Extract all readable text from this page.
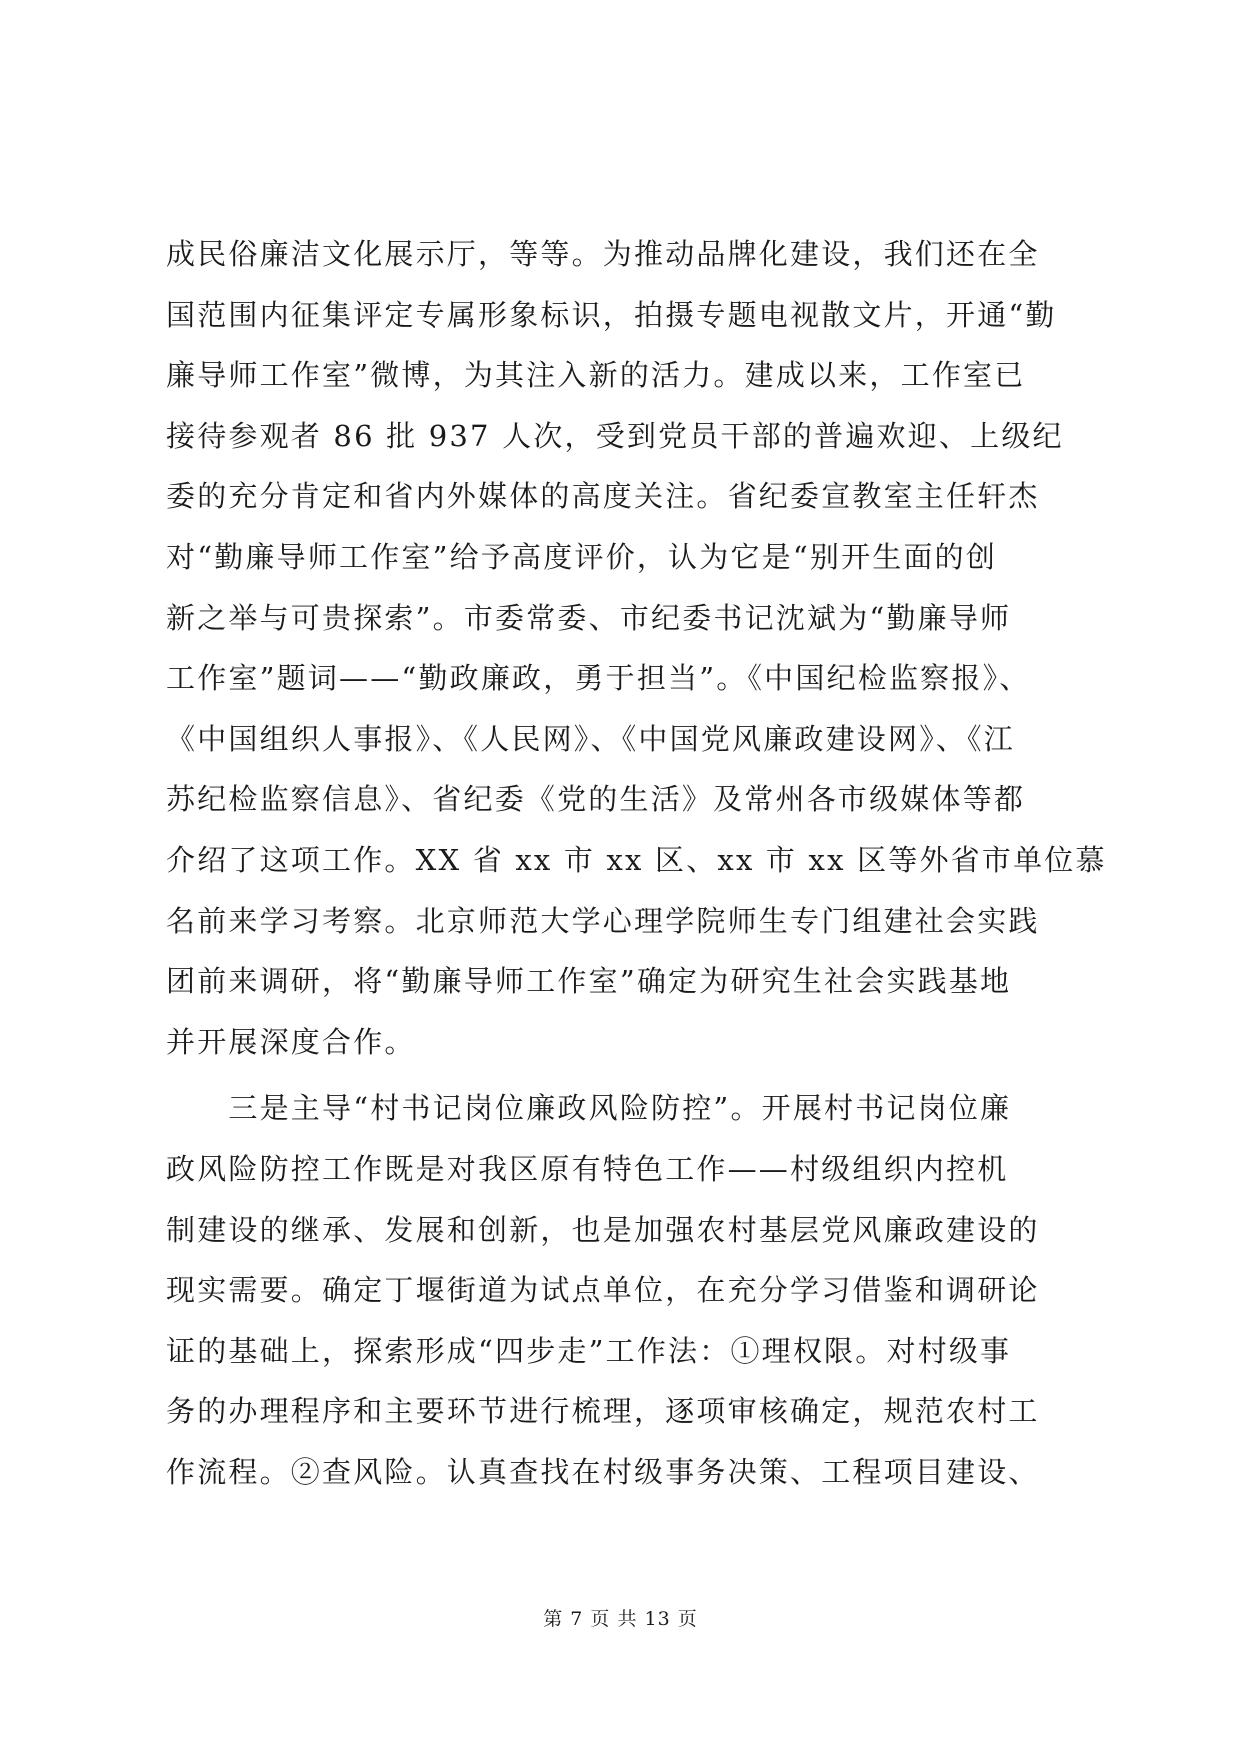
成民俗廉洁文化展示厅，等等。为推动品牌化建设，我们还在全
国范围内征集评定专属形象标识，拍摄专题电视散文片，开通“勤
廉导师工作室”微博，为其注入新的活力。建成以来，工作室已
接待参观者 86 批 937 人次，受到党员干部的普遍欢迎、上级纪
委的充分肯定和省内外媒体的高度关注。省纪委宣教室主任轩杰
对“勤廉导师工作室”给予高度评价，认为它是“别开生面的创
新之举与可贵探索”。市委常委、市纪委书记沈斌为“勤廉导师
工作室”题词——“勤政廉政，勇于担当”。《中国纪检监察报》、
《中国组织人事报》、《人民网》、《中国党风廉政建设网》、《江
苏纪检监察信息》、省纪委《党的生活》及常州各市级媒体等都
介绍了这项工作。XX 省 xx 市 xx 区、xx 市 xx 区等外省市单位慕
名前来学习考察。北京师范大学心理学院师生专门组建社会实践
团前来调研，将“勤廉导师工作室”确定为研究生社会实践基地
并开展深度合作。
　　三是主导“村书记岗位廉政风险防控”。开展村书记岗位廉
政风险防控工作既是对我区原有特色工作——村级组织内控机
制建设的继承、发展和创新，也是加强农村基层党风廉政建设的
现实需要。确定丁堰街道为试点单位，在充分学习借鉴和调研论
证的基础上，探索形成“四步走”工作法：①理权限。对村级事
务的办理程序和主要环节进行梳理，逐项审核确定，规范农村工
作流程。②查风险。认真查找在村级事务决策、工程项目建设、
第 7 页 共 13 页
